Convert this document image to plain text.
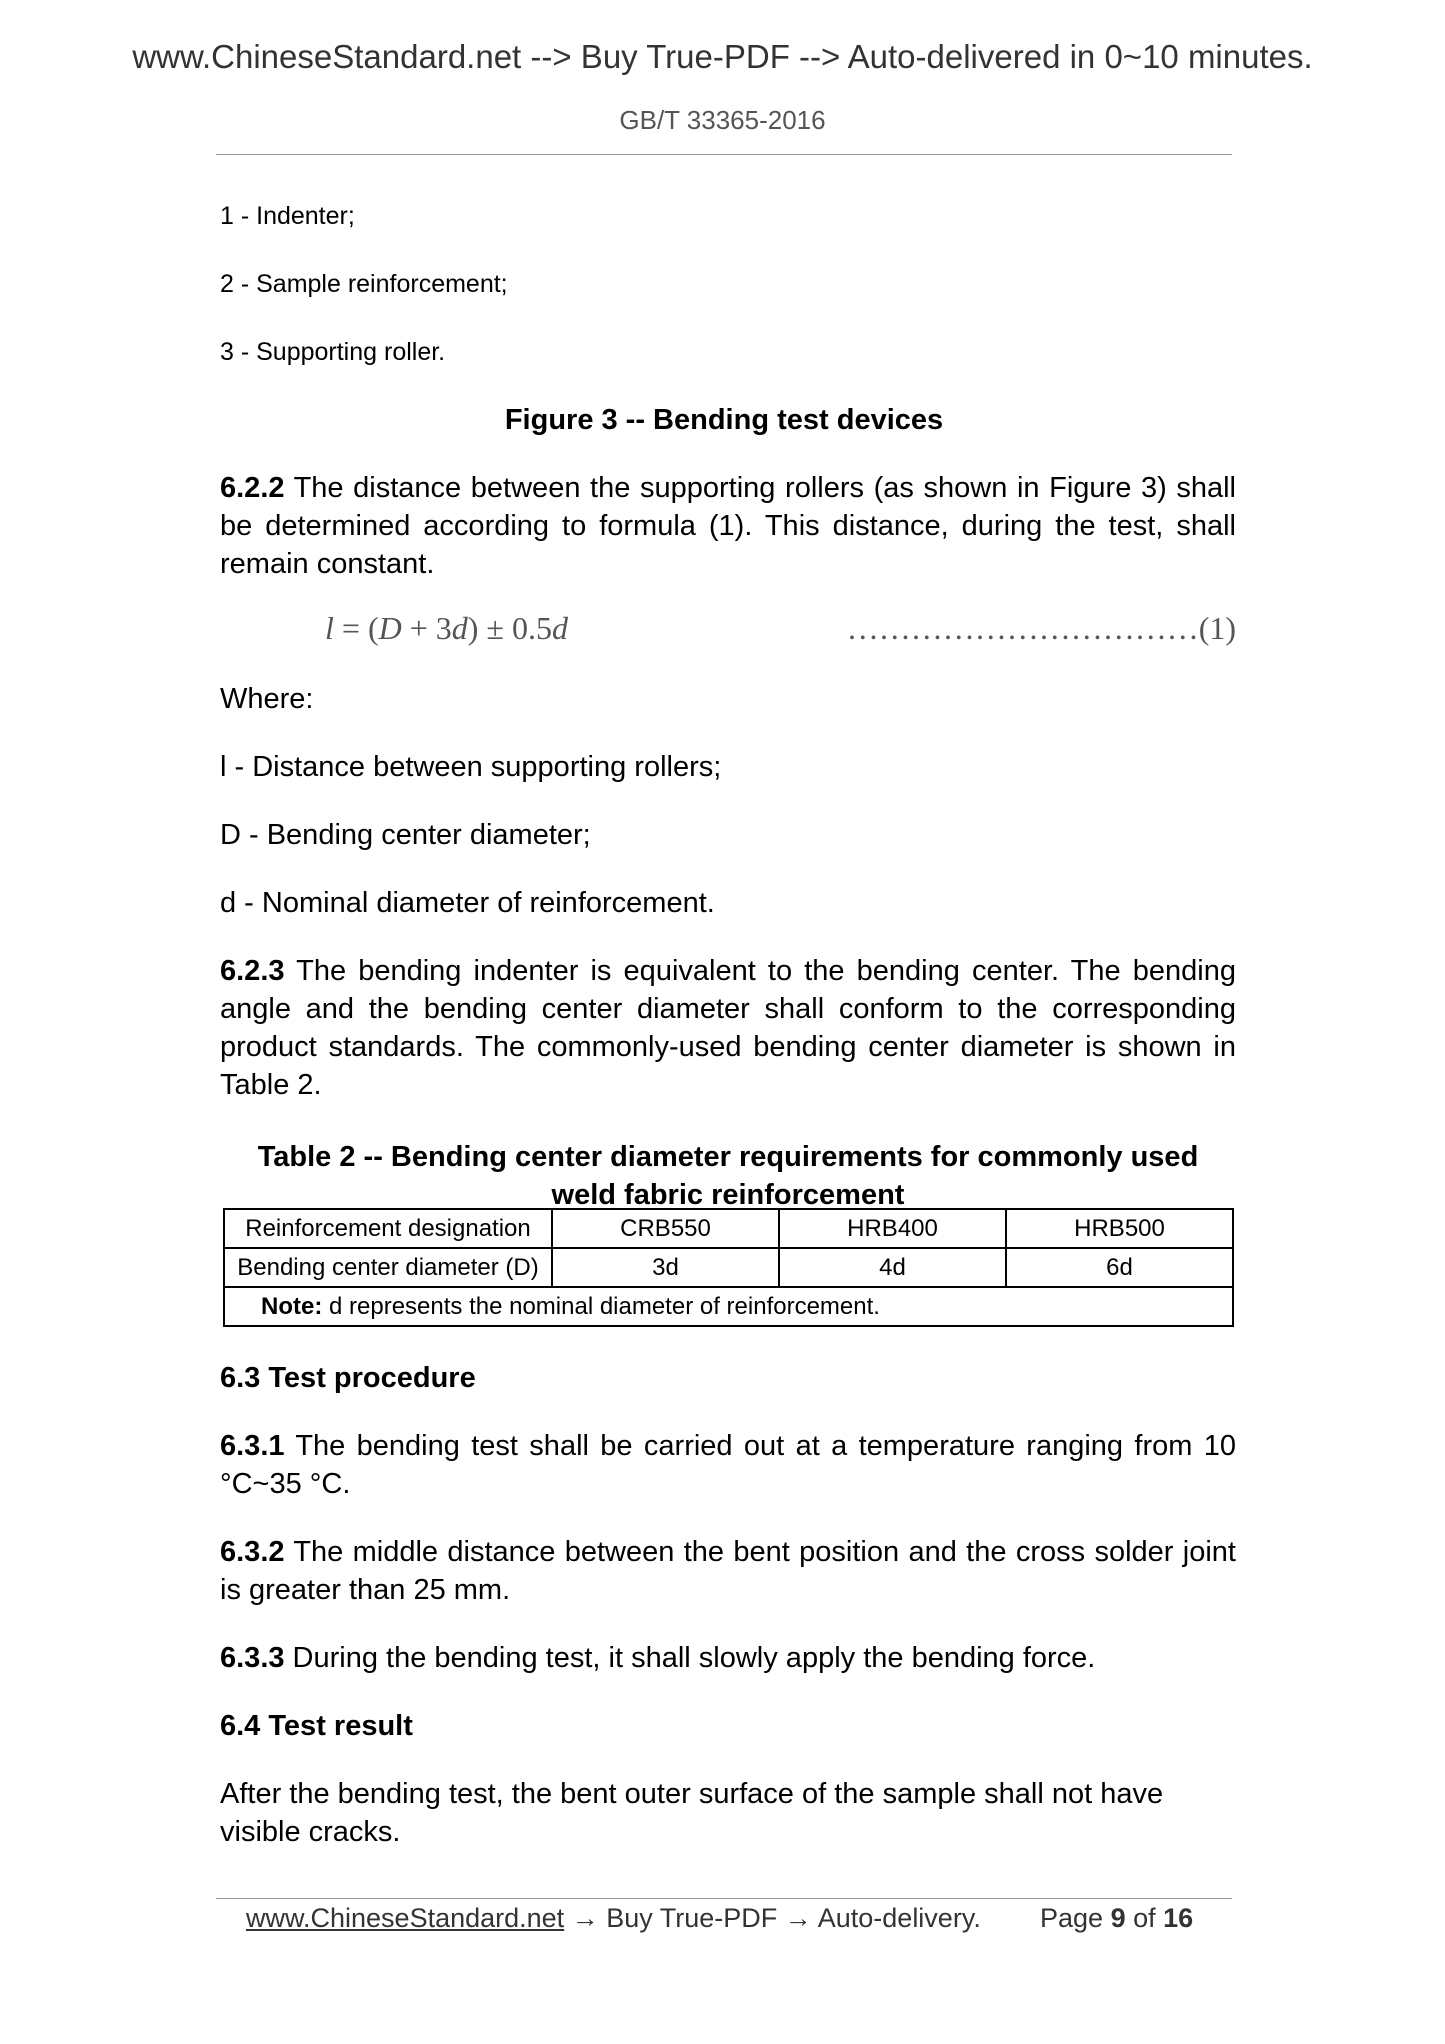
www.ChineseStandard.net --> Buy True-PDF --> Auto-delivered in 0~10 minutes.
GB/T 33365-2016
1 - Indenter;
2 - Sample reinforcement;
3 - Supporting roller.
Figure 3 -- Bending test devices
6.2.2 The distance between the supporting rollers (as shown in Figure 3) shall be determined according to formula (1). This distance, during the test, shall remain constant.
l = (D + 3d) ± 0.5d	……………………………(1)
Where:
l - Distance between supporting rollers;
D - Bending center diameter;
d - Nominal diameter of reinforcement.
6.2.3 The bending indenter is equivalent to the bending center. The bending angle and the bending center diameter shall conform to the corresponding product standards. The commonly-used bending center diameter is shown in Table 2.
Table 2 -- Bending center diameter requirements for commonly used
weld fabric reinforcement
Reinforcement designation	CRB550	HRB400	HRB500
Bending center diameter (D)	3d	4d	6d
Note: d represents the nominal diameter of reinforcement.			
6.3 Test procedure
6.3.1 The bending test shall be carried out at a temperature ranging from 10 °C~35 °C.
6.3.2 The middle distance between the bent position and the cross solder joint is greater than 25 mm.
6.3.3 During the bending test, it shall slowly apply the bending force.
6.4 Test result
After the bending test, the bent outer surface of the sample shall not have visible cracks.
www.ChineseStandard.net → Buy True-PDF → Auto-delivery. Page 9 of 16
